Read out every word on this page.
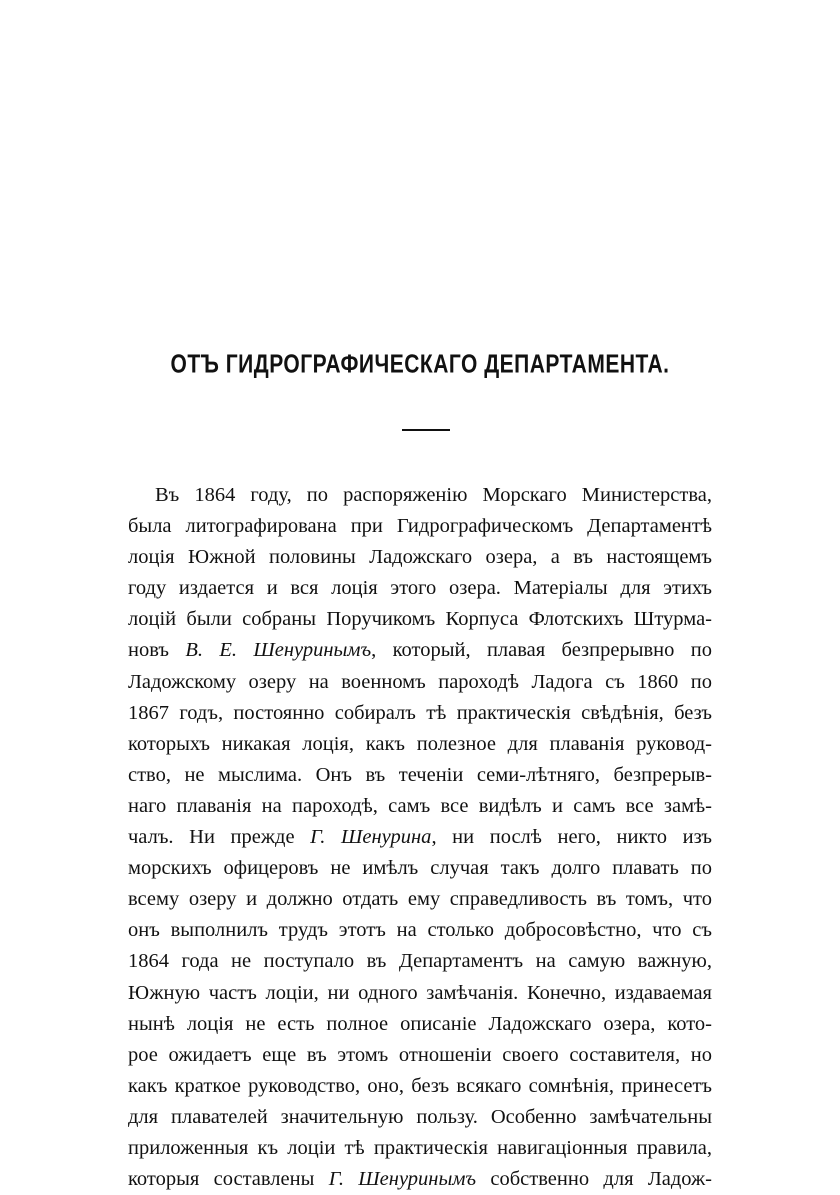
ОТЪ ГИДРОГРАФИЧЕСКАГО ДЕПАРТАМЕНТА.
Въ 1864 году, по распоряженію Морскаго Министерства,
была литографирована при Гидрографическомъ Департаментѣ
лоція Южной половины Ладожскаго озера, а въ настоящемъ
году издается и вся лоція этого озера. Матеріалы для этихъ
лоцій были собраны Поручикомъ Корпуса Флотскихъ Штурма-
новъ В. Е. Шенуринымъ, который, плавая безпрерывно по
Ладожскому озеру на военномъ пароходѣ Ладога съ 1860 по
1867 годъ, постоянно собиралъ тѣ практическія свѣдѣнія, безъ
которыхъ никакая лоція, какъ полезное для плаванія руковод-
ство, не мыслима. Онъ въ теченіи семи-лѣтняго, безпрерыв-
наго плаванія на пароходѣ, самъ все видѣлъ и самъ все замѣ-
чалъ. Ни прежде Г. Шенурина, ни послѣ него, никто изъ
морскихъ офицеровъ не имѣлъ случая такъ долго плавать по
всему озеру и должно отдать ему справедливость въ томъ, что
онъ выполнилъ трудъ этотъ на столько добросовѣстно, что съ
1864 года не поступало въ Департаментъ на самую важную,
Южную частъ лоціи, ни одного замѣчанія. Конечно, издаваемая
нынѣ лоція не есть полное описаніе Ладожскаго озера, кото-
рое ожидаетъ еще въ этомъ отношеніи своего составителя, но
какъ краткое руководство, оно, безъ всякаго сомнѣнія, принесетъ
для плавателей значительную пользу. Особенно замѣчательны
приложенныя къ лоціи тѣ практическія навигаціонныя правила,
которыя составлены Г. Шенуринымъ собственно для Ладож-
